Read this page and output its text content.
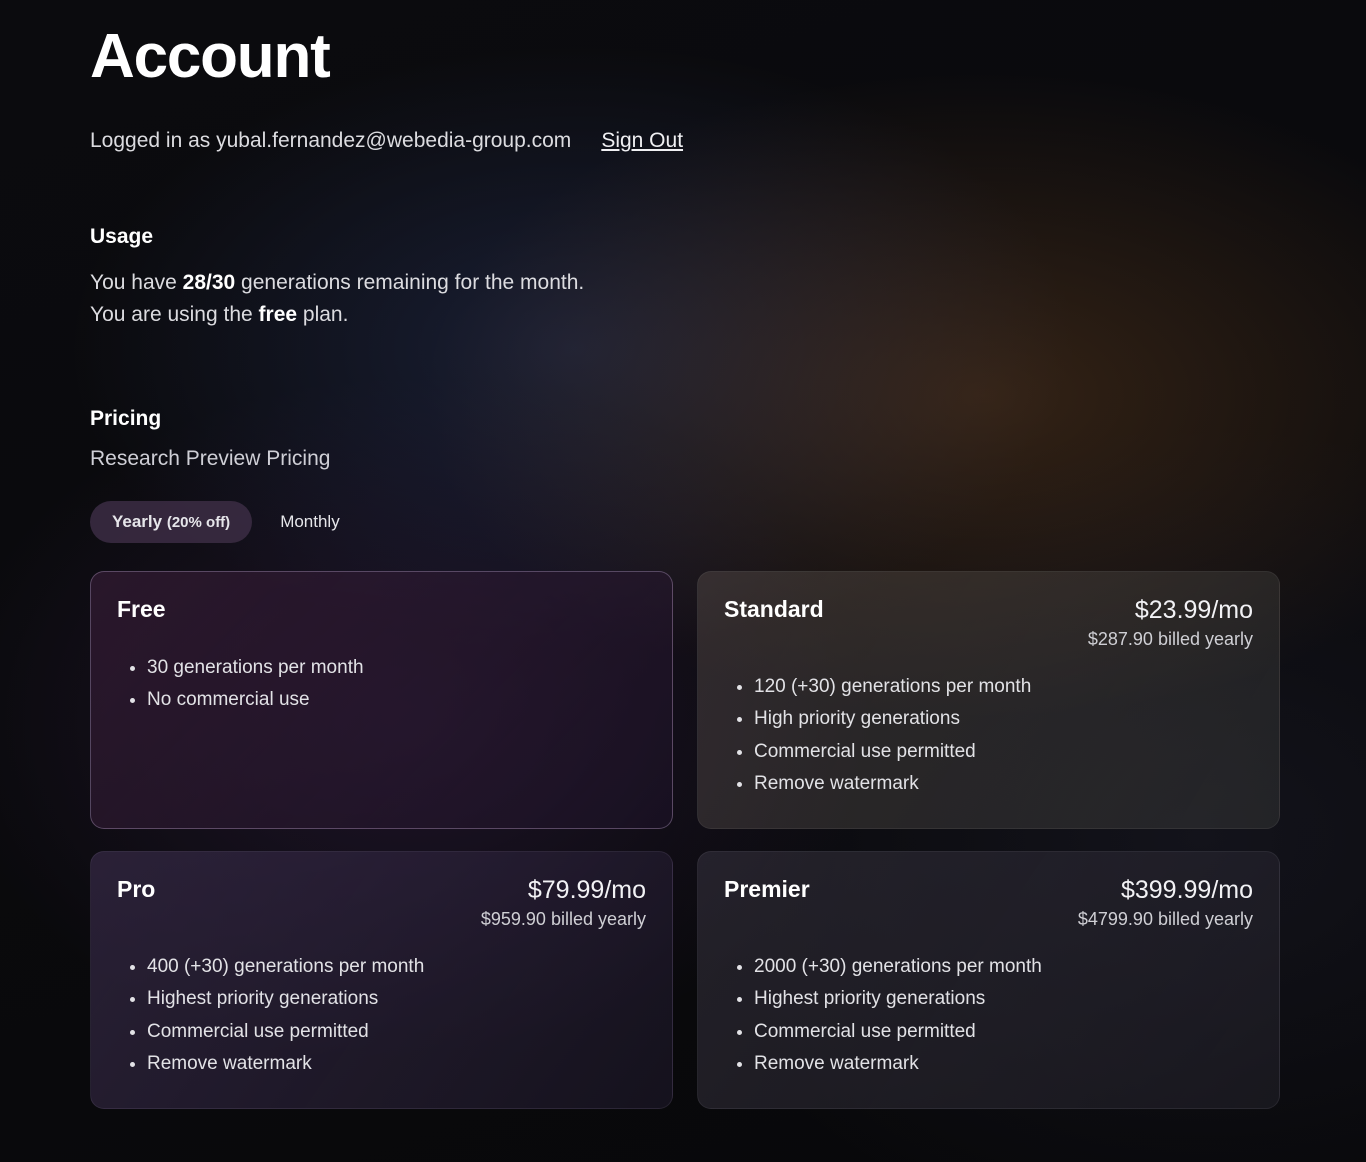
Account
Logged in as yubal.fernandez@webedia-group.com Sign Out
Usage
You have 28/30 generations remaining for the month.
You are using the free plan.
Pricing
Research Preview Pricing
Yearly (20% off)	Monthly
Free
• 30 generations per month
• No commercial use
Standard	$23.99/mo
$287.90 billed yearly
• 120 (+30) generations per month
• High priority generations
• Commercial use permitted
• Remove watermark
Pro	$79.99/mo
$959.90 billed yearly
• 400 (+30) generations per month
• Highest priority generations
• Commercial use permitted
• Remove watermark
Premier	$399.99/mo
$4799.90 billed yearly
• 2000 (+30) generations per month
• Highest priority generations
• Commercial use permitted
• Remove watermark
